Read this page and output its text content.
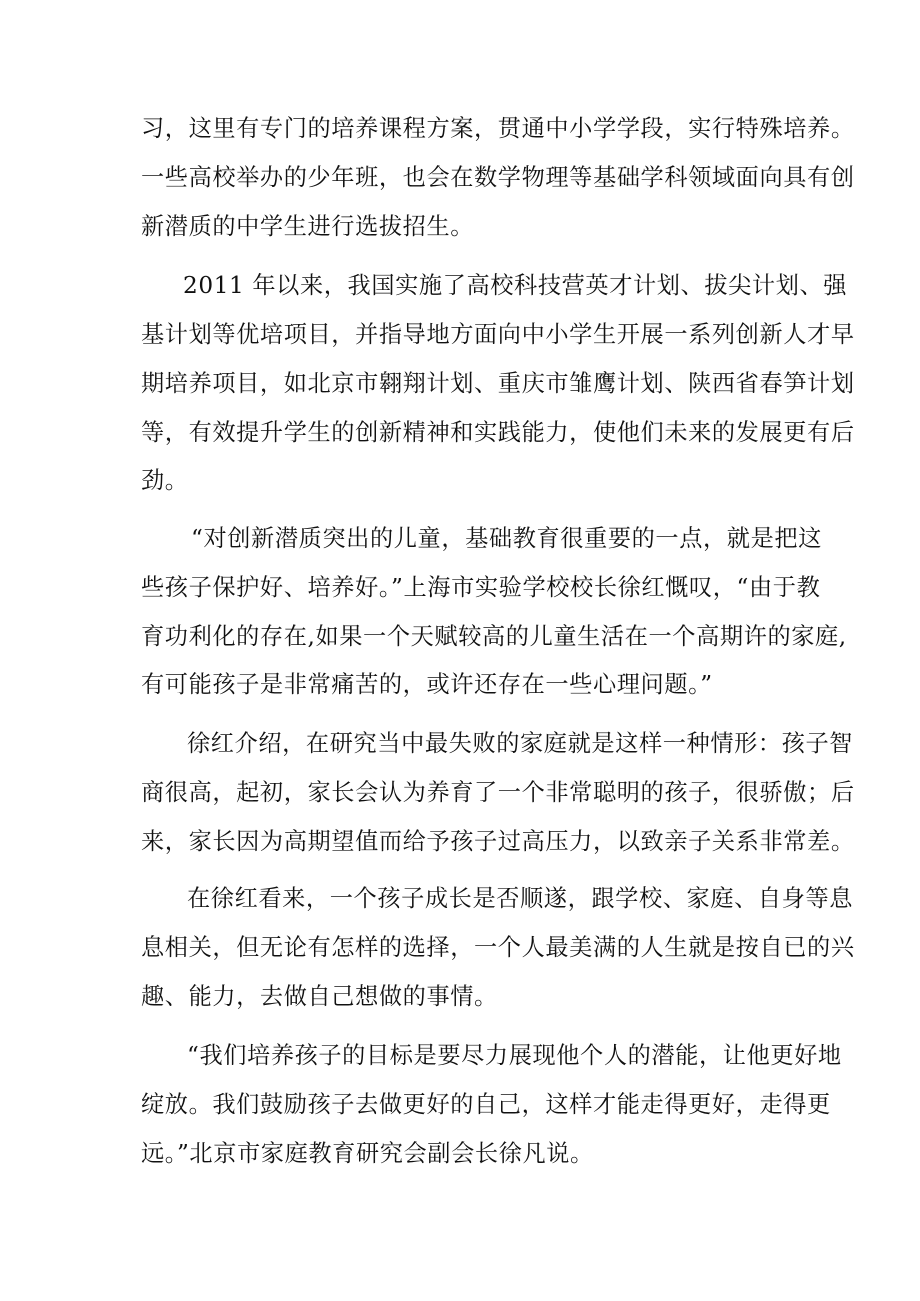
习，这里有专门的培养课程方案，贯通中小学学段，实行特殊培养。
一些高校举办的少年班，也会在数学物理等基础学科领域面向具有创
新潜质的中学生进行选拔招生。
2011 年以来，我国实施了高校科技营英才计划、拔尖计划、强
基计划等优培项目，并指导地方面向中小学生开展一系列创新人才早
期培养项目，如北京市翱翔计划、重庆市雏鹰计划、陕西省春笋计划
等，有效提升学生的创新精神和实践能力，使他们未来的发展更有后
劲。
“对创新潜质突出的儿童，基础教育很重要的一点，就是把这
些孩子保护好、培养好。”上海市实验学校校长徐红慨叹，“由于教
育功利化的存在,如果一个天赋较高的儿童生活在一个高期许的家庭,
有可能孩子是非常痛苦的，或许还存在一些心理问题。”
徐红介绍，在研究当中最失败的家庭就是这样一种情形：孩子智
商很高，起初，家长会认为养育了一个非常聪明的孩子，很骄傲；后
来，家长因为高期望值而给予孩子过高压力，以致亲子关系非常差。
在徐红看来，一个孩子成长是否顺遂，跟学校、家庭、自身等息
息相关，但无论有怎样的选择，一个人最美满的人生就是按自已的兴
趣、能力，去做自己想做的事情。
“我们培养孩子的目标是要尽力展现他个人的潜能，让他更好地
绽放。我们鼓励孩子去做更好的自己，这样才能走得更好，走得更
远。”北京市家庭教育研究会副会长徐凡说。
